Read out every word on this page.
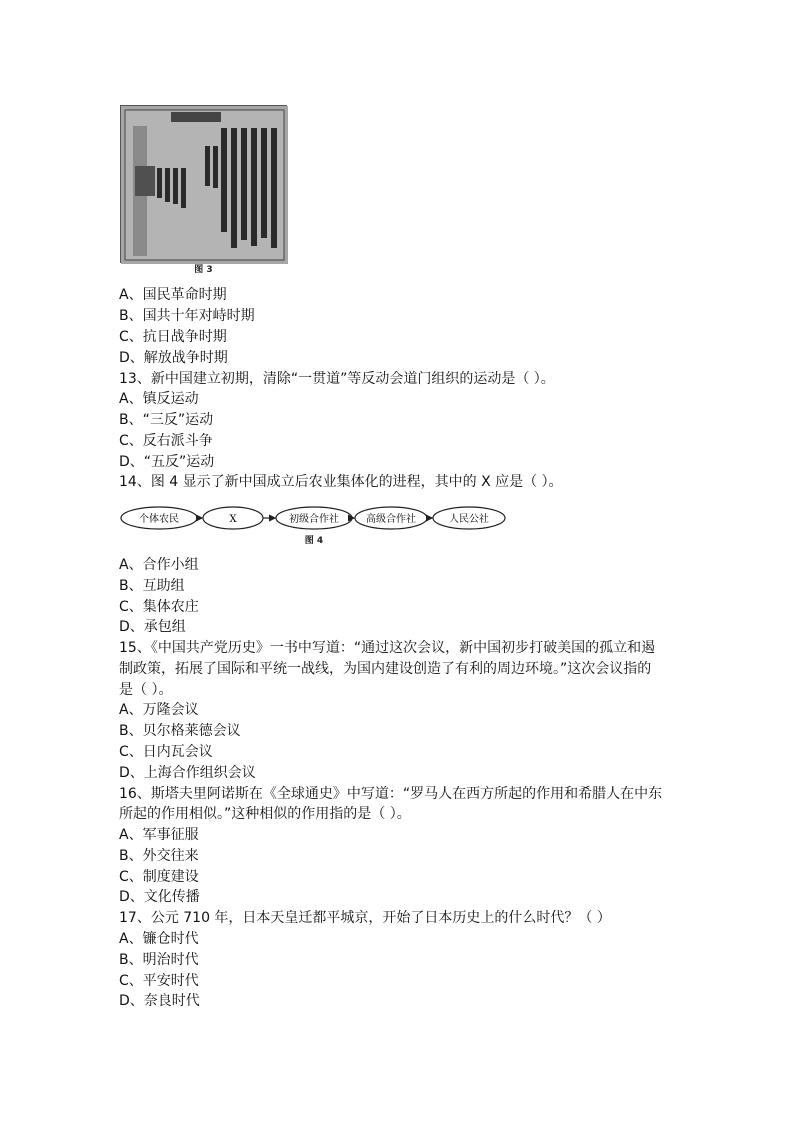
图 3
A、国民革命时期
B、国共十年对峙时期
C、抗日战争时期
D、解放战争时期
13、新中国建立初期，清除“一贯道”等反动会道门组织的运动是（ ）。
A、镇反运动
B、“三反”运动
C、反右派斗争
D、“五反”运动
14、图 4 显示了新中国成立后农业集体化的进程，其中的 X 应是（ ）。
个体农民	X	初级合作社	高级合作社	人民公社
图 4
A、合作小组
B、互助组
C、集体农庄
D、承包组
15、《中国共产党历史》一书中写道：“通过这次会议，新中国初步打破美国的孤立和遏
制政策，拓展了国际和平统一战线，为国内建设创造了有利的周边环境。”这次会议指的
是（ ）。
A、万隆会议
B、贝尔格莱德会议
C、日内瓦会议
D、上海合作组织会议
16、斯塔夫里阿诺斯在《全球通史》中写道：“罗马人在西方所起的作用和希腊人在中东
所起的作用相似。”这种相似的作用指的是（ ）。
A、军事征服
B、外交往来
C、制度建设
D、文化传播
17、公元 710 年，日本天皇迁都平城京，开始了日本历史上的什么时代？（ ）
A、镰仓时代
B、明治时代
C、平安时代
D、奈良时代
